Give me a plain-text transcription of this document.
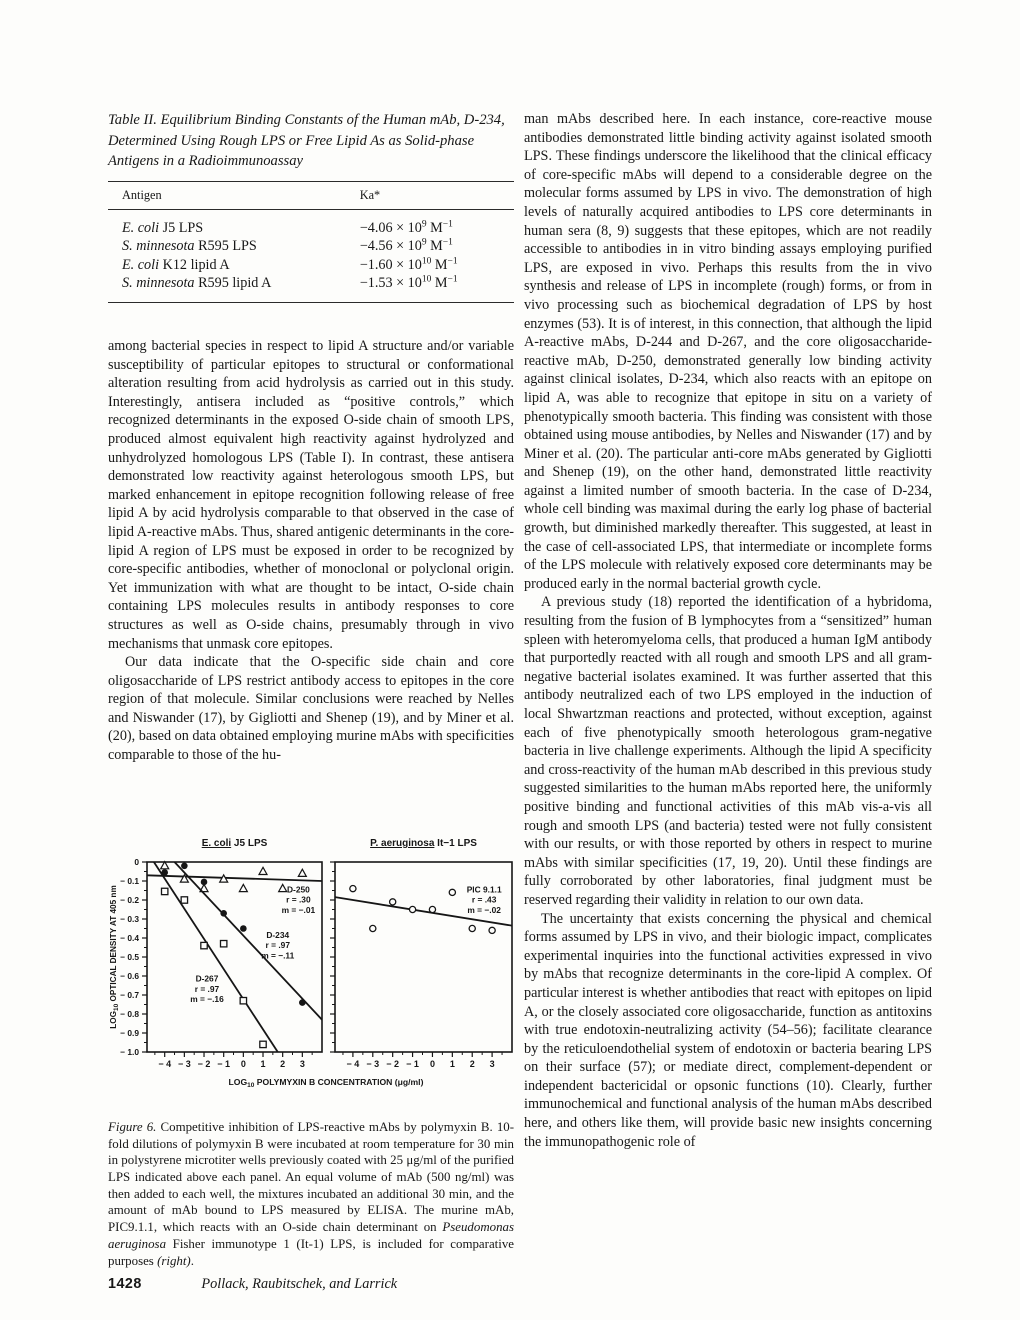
Table II. Equilibrium Binding Constants of the Human mAb, D-234, Determined Using Rough LPS or Free Lipid As as Solid-phase Antigens in a Radioimmunoassay
Antigen	Ka*
E. coli J5 LPS	$-4.06 \times 10^9$ $M^{-1}$
S. minnesota R595 LPS	$-4.56 \times 10^9$ $M^{-1}$
E. coli K12 lipid A	$-1.60 \times 10^{10}$ $M^{-1}$
S. minnesota R595 lipid A	$-1.53 \times 10^{10}$ $M^{-1}$

among bacterial species in respect to lipid A structure and/or variable susceptibility of particular epitopes to structural or conformational alteration resulting from acid hydrolysis as carried out in this study. Interestingly, antisera included as “positive controls,” which recognized determinants in the exposed O-side chain of smooth LPS, produced almost equivalent high reactivity against hydrolyzed and unhydrolyzed homologous LPS (Table I). In contrast, these antisera demonstrated low reactivity against heterologous smooth LPS, but marked enhancement in epitope recognition following release of free lipid A by acid hydrolysis comparable to that observed in the case of lipid A-reactive mAbs. Thus, shared antigenic determinants in the core-lipid A region of LPS must be exposed in order to be recognized by core-specific antibodies, whether of monoclonal or polyclonal origin. Yet immunization with what are thought to be intact, O-side chain containing LPS molecules results in antibody responses to core structures as well as O-side chains, presumably through in vivo mechanisms that unmask core epitopes.

Our data indicate that the O-specific side chain and core oligosaccharide of LPS restrict antibody access to epitopes in the core region of that molecule. Similar conclusions were reached by Nelles and Niswander (17), by Gigliotti and Shenep (19), and by Miner et al. (20), based on data obtained employing murine mAbs with specificities comparable to those of the hu-

man mAbs described here. In each instance, core-reactive mouse antibodies demonstrated little binding activity against isolated smooth LPS. These findings underscore the likelihood that the clinical efficacy of core-specific mAbs will depend to a considerable degree on the molecular forms assumed by LPS in vivo. The demonstration of high levels of naturally acquired antibodies to LPS core determinants in human sera (8, 9) suggests that these epitopes, which are not readily accessible to antibodies in in vitro binding assays employing purified LPS, are exposed in vivo. Perhaps this results from the in vivo synthesis and release of LPS in incomplete (rough) forms, or from in vivo processing such as biochemical degradation of LPS by host enzymes (53). It is of interest, in this connection, that although the lipid A-reactive mAbs, D-244 and D-267, and the core oligosaccharide-reactive mAb, D-250, demonstrated generally low binding activity against clinical isolates, D-234, which also reacts with an epitope on lipid A, was able to recognize that epitope in situ on a variety of phenotypically smooth bacteria. This finding was consistent with those obtained using mouse antibodies, by Nelles and Niswander (17) and by Miner et al. (20). The particular anti-core mAbs generated by Gigliotti and Shenep (19), on the other hand, demonstrated little reactivity against a limited number of smooth bacteria. In the case of D-234, whole cell binding was maximal during the early log phase of bacterial growth, but diminished markedly thereafter. This suggested, at least in the case of cell-associated LPS, that intermediate or incomplete forms of the LPS molecule with relatively exposed core determinants may be produced early in the normal bacterial growth cycle.

A previous study (18) reported the identification of a hybridoma, resulting from the fusion of B lymphocytes from a “sensitized” human spleen with heteromyeloma cells, that produced a human IgM antibody that purportedly reacted with all rough and smooth LPS and all gram-negative bacterial isolates examined. It was further asserted that this antibody neutralized each of two LPS employed in the induction of local Shwartzman reactions and protected, without exception, against each of five phenotypically smooth heterologous gram-negative bacteria in live challenge experiments. Although the lipid A specificity and cross-reactivity of the human mAb described in this previous study suggested similarities to the human mAbs reported here, the uniformly positive binding and functional activities of this mAb vis-a-vis all rough and smooth LPS (and bacteria) tested were not fully consistent with our results, or with those reported by others in respect to murine mAbs with similar specificities (17, 19, 20). Until these findings are fully corroborated by other laboratories, final judgment must be reserved regarding their validity in relation to our own data.

The uncertainty that exists concerning the physical and chemical forms assumed by LPS in vivo, and their biologic impact, complicates experimental inquiries into the functional activities expressed in vivo by mAbs that recognize determinants in the core-lipid A complex. Of particular interest is whether antibodies that react with epitopes on lipid A, or the closely associated core oligosaccharide, function as antitoxins with true endotoxin-neutralizing activity (54–56); facilitate clearance by the reticuloendothelial system of endotoxin or bacteria bearing LPS on their surface (57); or mediate direct, complement-dependent or independent bactericidal or opsonic functions (10). Clearly, further immunochemical and functional analysis of the human mAbs described here, and others like them, will provide basic new insights concerning the immunopathogenic role of

0
− 0.1
− 0.2
− 0.3
− 0.4
− 0.5
− 0.6
− 0.7
− 0.8
− 0.9
− 1.0
− 4 − 3 − 2 − 1 0 1 2 3
D-250
r = .30
m = −.01
D-234
r = .97
m = −.11
D-267
r = .97
m = −.16
E. coli J5 LPS
− 4 − 3 − 2 − 1 0 1 2 3
PIC 9.1.1
r = .43
m = −.02
P. aeruginosa It−1 LPS
$LOG_{10}$ POLYMYXIN B CONCENTRATION (μg/ml)
$LOG_{10}$ OPTICAL DENSITY AT 405 nm

Figure 6. Competitive inhibition of LPS-reactive mAbs by polymyxin B. 10-fold dilutions of polymyxin B were incubated at room temperature for 30 min in polystyrene microtiter wells previously coated with 25 μg/ml of the purified LPS indicated above each panel. An equal volume of mAb (500 ng/ml) was then added to each well, the mixtures incubated an additional 30 min, and the amount of mAb bound to LPS measured by ELISA. The murine mAb, PIC9.1.1, which reacts with an O-side chain determinant on Pseudomonas aeruginosa Fisher immunotype 1 (It-1) LPS, is included for comparative purposes (right).

1428	Pollack, Raubitschek, and Larrick
